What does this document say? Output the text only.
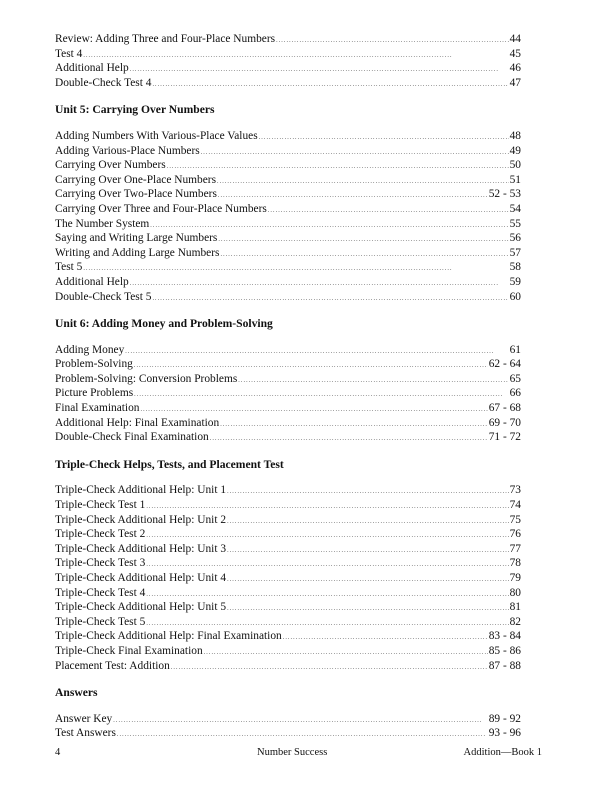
Review: Adding Three and Four-Place Numbers . . .	44
Test 4 . . .	45
Additional Help . . .	46
Double-Check Test 4 . . .	47
Unit 5: Carrying Over Numbers
Adding Numbers With Various-Place Values . . .	48
Adding Various-Place Numbers . . .	49
Carrying Over Numbers . . .	50
Carrying Over One-Place Numbers . . .	51
Carrying Over Two-Place Numbers . . .	52 - 53
Carrying Over Three and Four-Place Numbers . . .	54
The Number System . . .	55
Saying and Writing Large Numbers . . .	56
Writing and Adding Large Numbers . . .	57
Test 5 . . .	58
Additional Help . . .	59
Double-Check Test 5 . . .	60
Unit 6: Adding Money and Problem-Solving
Adding Money . . .	61
Problem-Solving . . .	62 - 64
Problem-Solving: Conversion Problems . . .	65
Picture Problems . . .	66
Final Examination . . .	67 - 68
Additional Help: Final Examination . . .	69 - 70
Double-Check Final Examination . . .	71 - 72
Triple-Check Helps, Tests, and Placement Test
Triple-Check Additional Help: Unit 1 . . .	73
Triple-Check Test 1 . . .	74
Triple-Check Additional Help: Unit 2 . . .	75
Triple-Check Test 2 . . .	76
Triple-Check Additional Help: Unit 3 . . .	77
Triple-Check Test 3 . . .	78
Triple-Check Additional Help: Unit 4 . . .	79
Triple-Check Test 4 . . .	80
Triple-Check Additional Help: Unit 5 . . .	81
Triple-Check Test 5 . . .	82
Triple-Check Additional Help: Final Examination . . .	83 - 84
Triple-Check Final Examination . . .	85 - 86
Placement Test: Addition . . .	87 - 88
Answers
Answer Key . . .	89 - 92
Test Answers . . .	93 - 96
4	Number Success	Addition—Book 1
